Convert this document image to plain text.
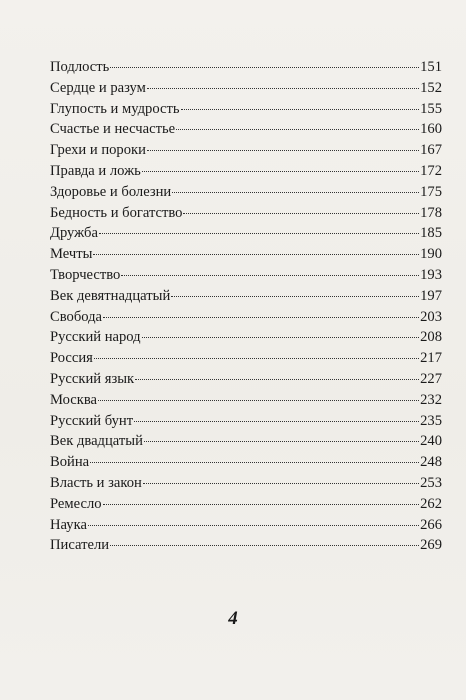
Подлость	151
Сердце и разум	152
Глупость и мудрость	155
Счастье и несчастье	160
Грехи и пороки	167
Правда и ложь	172
Здоровье и болезни	175
Бедность и богатство	178
Дружба	185
Мечты	190
Творчество	193
Век девятнадцатый	197
Свобода	203
Русский народ	208
Россия	217
Русский язык	227
Москва	232
Русский бунт	235
Век двадцатый	240
Война	248
Власть и закон	253
Ремесло	262
Наука	266
Писатели	269
4
